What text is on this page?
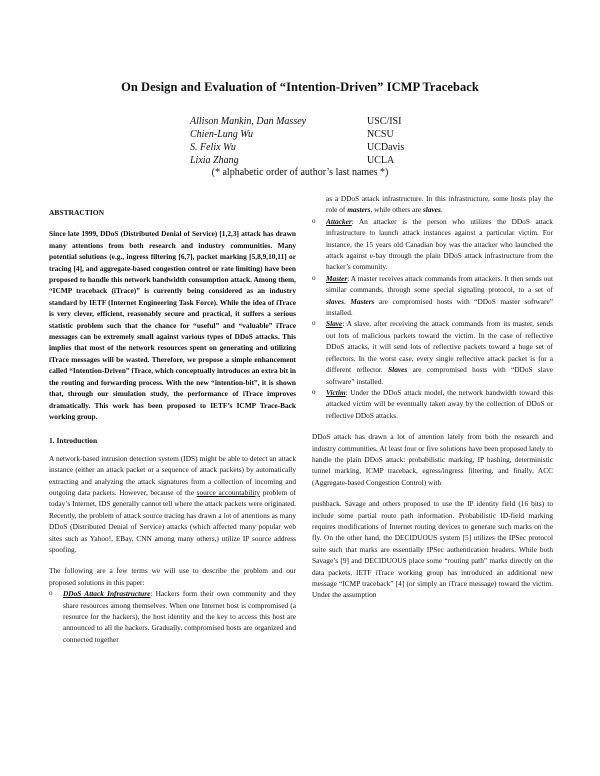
On Design and Evaluation of “Intention-Driven” ICMP Traceback
Allison Mankin, Dan Massey	USC/ISI
Chien-Lung Wu	NCSU
S. Felix Wu	UCDavis
Lixia Zhang	UCLA
(* alphabetic order of author’s last names *)

ABSTRACTION

Since late 1999, DDoS (Distributed Denial of Service) [1,2,3] attack has drawn many attentions from both research and industry communities. Many potential solutions (e.g., ingress filtering [6,7], packet marking [5,8,9,10,11] or tracing [4], and aggregate-based congestion control or rate limiting) have been proposed to handle this network bandwidth consumption attack. Among them, “ICMP traceback (iTrace)” is currently being considered as an industry standard by IETF (Internet Engineering Task Force). While the idea of iTrace is very clever, efficient, reasonably secure and practical, it suffers a serious statistic problem such that the chance for “useful” and “valuable” iTrace messages can be extremely small against various types of DDoS attacks. This implies that most of the network resources spent on generating and utilizing iTrace messages will be wasted. Therefore, we propose a simple enhancement called “Intention-Driven” iTrace, which conceptually introduces an extra bit in the routing and forwarding process. With the new “intention-bit”, it is shown that, through our simulation study, the performance of iTrace improves dramatically. This work has been proposed to IETF’s ICMP Trace-Back working group.

1. Introduction

A network-based intrusion detection system (IDS) might be able to detect an attack instance (either an attack packet or a sequence of attack packets) by automatically extracting and analyzing the attack signatures from a collection of incoming and outgoing data packets. However, because of the source accountability problem of today’s Internet, IDS generally cannot tell where the attack packets were originated. Recently, the problem of attack source tracing has drawn a lot of attentions as many DDoS (Distributed Denial of Service) attacks (which affected many popular web sites such as Yahoo!, EBay, CNN among many others,) utilize IP source address spoofing.

The following are a few terms we will use to describe the problem and our proposed solutions in this paper:

o DDoS Attack Infrastructure: Hackers form their own community and they share resources among themselves. When one Internet host is compromised (a resource for the hackers), the host identity and the key to access this host are announced to all the hackers. Gradually, compromised hosts are organized and connected together

as a DDoS attack infrastructure. In this infrastructure, some hosts play the role of masters, while others are slaves.

o Attacker: An attacker is the person who utilizes the DDoS attack infrastructure to launch attack instances against a particular victim. For instance, the 15 years old Canadian boy was the attacker who launched the attack against e-bay through the plain DDoS attack infrastructure from the hacker’s community.
o Master: A master receives attack commands from attackers. It then sends out similar commands, through some special signaling protocol, to a set of slaves. Masters are compromised hosts with “DDoS master software” installed.
o Slave: A slave, after receiving the attack commands from its master, sends out lots of malicious packets toward the victim. In the case of reflective DDoS attacks, it will send lots of reflective packets toward a huge set of reflectors. In the worst case, every single reflective attack packet is for a different reflector. Slaves are compromised hosts with “DDoS slave software” installed.
o Victim: Under the DDoS attack model, the network bandwidth toward this attacked victim will be eventually taken away by the collection of DDoS or reflective DDoS attacks.

DDoS attack has drawn a lot of attention lately from both the research and industry communities. At least four or five solutions have been proposed lately to handle the plain DDoS attack: probabilistic marking, IP hashing, deterministic tunnel marking, ICMP traceback, egress/ingress filtering, and finally, ACC (Aggregate-based Congestion Control) with

pushback. Savage and others proposed to use the IP identity field (16 bits) to include some partial route path information. Probabilistic ID-field marking requires modifications of Internet routing devices to generate such marks on the fly. On the other hand, the DECIDUOUS system [5] utilizes the IPSec protocol suite such that marks are essentially IPSec authentication headers. While both Savage’s [9] and DECIDUOUS place some “routing path” marks directly on the data packets, IETF iTrace working group has introduced an additional new message “ICMP traceback” [4] (or simply an iTrace message) toward the victim. Under the assumption
